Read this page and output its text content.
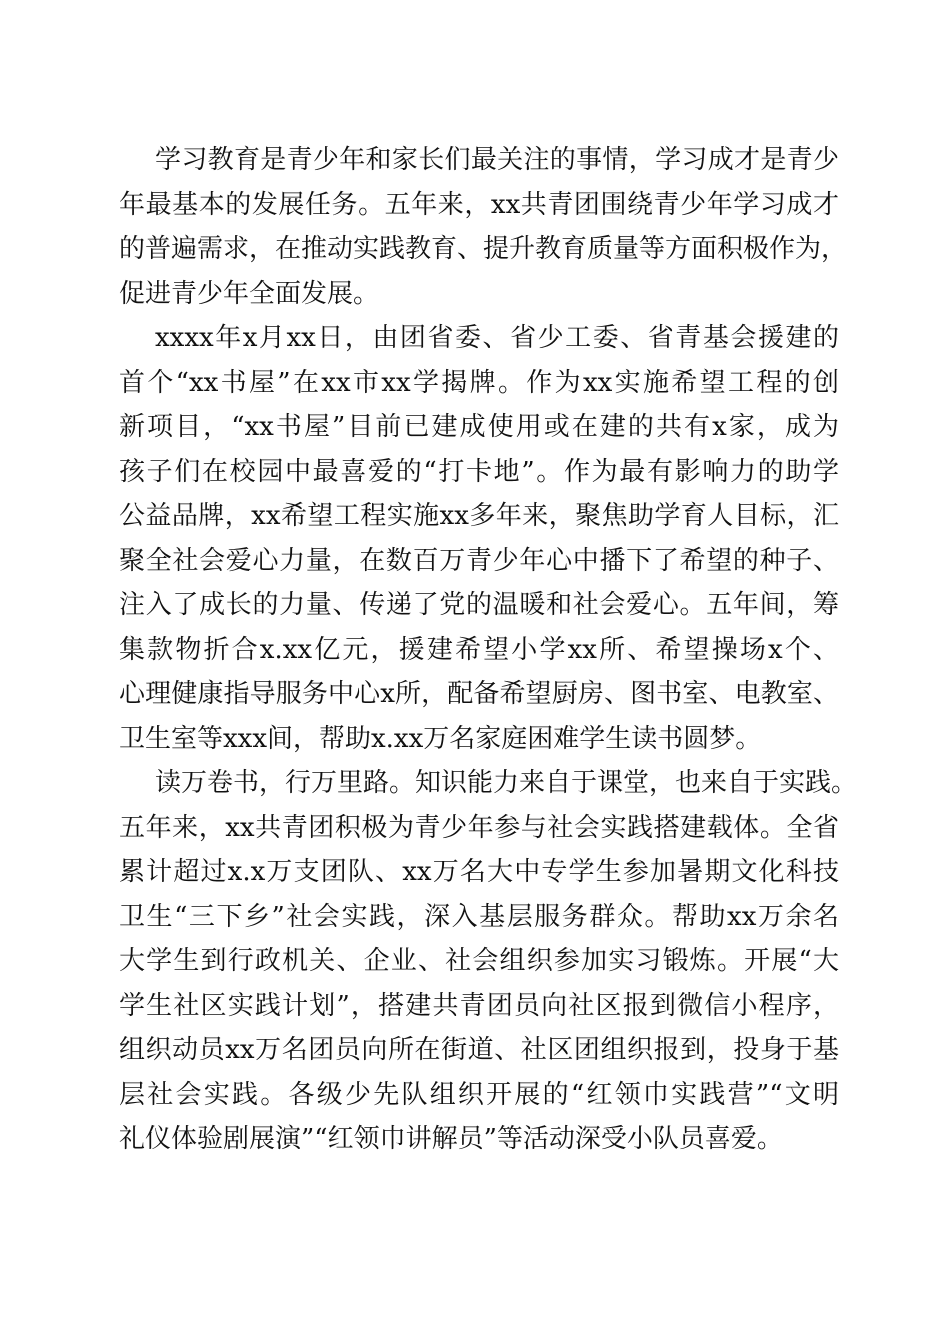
学习教育是青少年和家长们最关注的事情，学习成才是青少
年最基本的发展任务。五年来，xx共青团围绕青少年学习成才
的普遍需求，在推动实践教育、提升教育质量等方面积极作为，
促进青少年全面发展。
xxxx年x月xx日，由团省委、省少工委、省青基会援建的
首个“xx书屋”在xx市xx学揭牌。作为xx实施希望工程的创
新项目，“xx书屋”目前已建成使用或在建的共有x家，成为
孩子们在校园中最喜爱的“打卡地”。作为最有影响力的助学
公益品牌，xx希望工程实施xx多年来，聚焦助学育人目标，汇
聚全社会爱心力量，在数百万青少年心中播下了希望的种子、
注入了成长的力量、传递了党的温暖和社会爱心。五年间，筹
集款物折合x.xx亿元，援建希望小学xx所、希望操场x个、
心理健康指导服务中心x所，配备希望厨房、图书室、电教室、
卫生室等xxx间，帮助x.xx万名家庭困难学生读书圆梦。
读万卷书，行万里路。知识能力来自于课堂，也来自于实践。
五年来，xx共青团积极为青少年参与社会实践搭建载体。全省
累计超过x.x万支团队、xx万名大中专学生参加暑期文化科技
卫生“三下乡”社会实践，深入基层服务群众。帮助xx万余名
大学生到行政机关、企业、社会组织参加实习锻炼。开展“大
学生社区实践计划”，搭建共青团员向社区报到微信小程序，
组织动员xx万名团员向所在街道、社区团组织报到，投身于基
层社会实践。各级少先队组织开展的“红领巾实践营”“文明
礼仪体验剧展演”“红领巾讲解员”等活动深受小队员喜爱。
